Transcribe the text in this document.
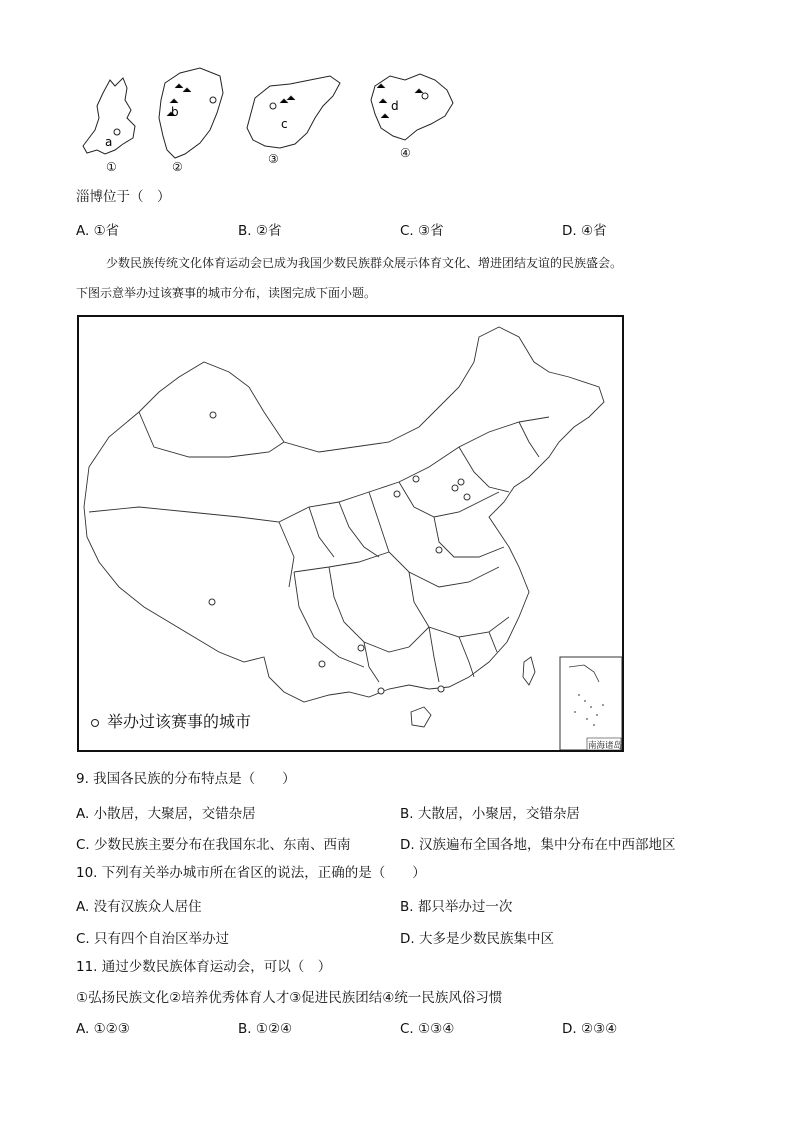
a
b
c
d
①	②
③	④
淄博位于（　）
A. ①省	B. ②省	C. ③省	D. ④省
少数民族传统文化体育运动会已成为我国少数民族群众展示体育文化、增进团结友谊的民族盛会。
下图示意举办过该赛事的城市分布，读图完成下面小题。
南海诸岛
举办过该赛事的城市
9. 我国各民族的分布特点是（　　）
A. 小散居，大聚居，交错杂居	B. 大散居，小聚居，交错杂居
C. 少数民族主要分布在我国东北、东南、西南	D. 汉族遍布全国各地，集中分布在中西部地区
10. 下列有关举办城市所在省区的说法，正确的是（　　）
A. 没有汉族众人居住	B. 都只举办过一次
C. 只有四个自治区举办过	D. 大多是少数民族集中区
11. 通过少数民族体育运动会，可以（　）
①弘扬民族文化②培养优秀体育人才③促进民族团结④统一民族风俗习惯
A. ①②③	B. ①②④	C. ①③④	D. ②③④
